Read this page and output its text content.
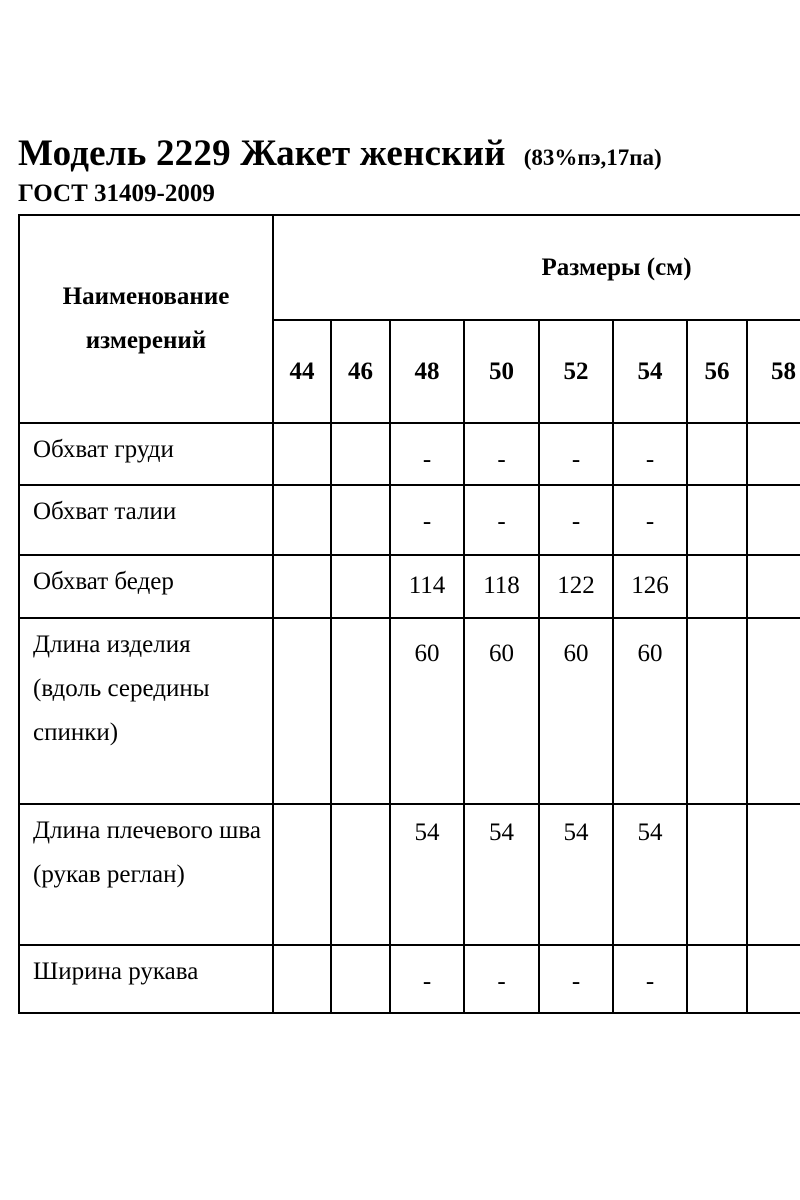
Модель 2229 Жакет женский (83%пэ,17па)
ГОСТ 31409-2009
Наименование
измерений	Размеры (см)							
	44	46	48	50	52	54	56	58
Обхват груди			-	-	-	-		

Обхват талии			-	-	-	-		

Обхват бедер			114	118	122	126		

Длина изделия (вдоль середины спинки)			60	60	60	60		

Длина плечевого шва (рукав реглан)			54	54	54	54		

Ширина рукава			-	-	-	-		
